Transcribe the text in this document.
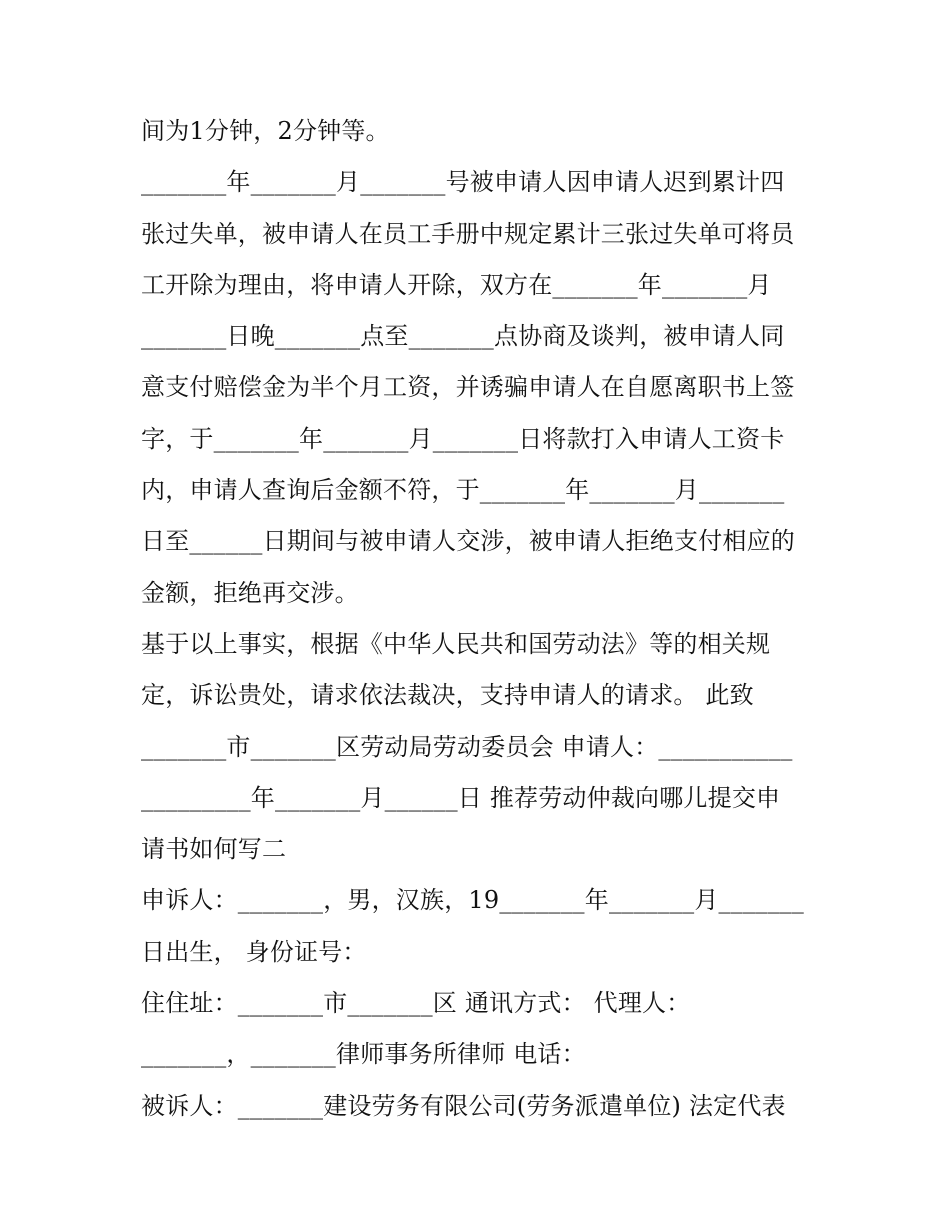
间为1分钟，2分钟等。
_______年_______月_______号被申请人因申请人迟到累计四
张过失单，被申请人在员工手册中规定累计三张过失单可将员
工开除为理由，将申请人开除，双方在_______年_______月
_______日晚_______点至_______点协商及谈判，被申请人同
意支付赔偿金为半个月工资，并诱骗申请人在自愿离职书上签
字，于_______年_______月_______日将款打入申请人工资卡
内，申请人查询后金额不符，于_______年_______月_______
日至______日期间与被申请人交涉，被申请人拒绝支付相应的
金额，拒绝再交涉。
基于以上事实，根据《中华人民共和国劳动法》等的相关规
定，诉讼贵处，请求依法裁决，支持申请人的请求。 此致
_______市_______区劳动局劳动委员会 申请人：___________
_________年_______月______日 推荐劳动仲裁向哪儿提交申
请书如何写二
申诉人：_______，男，汉族，19_______年_______月_______
日出生， 身份证号：
住住址：_______市_______区 通讯方式： 代理人：
_______，_______律师事务所律师 电话：
被诉人：_______建设劳务有限公司(劳务派遣单位) 法定代表
